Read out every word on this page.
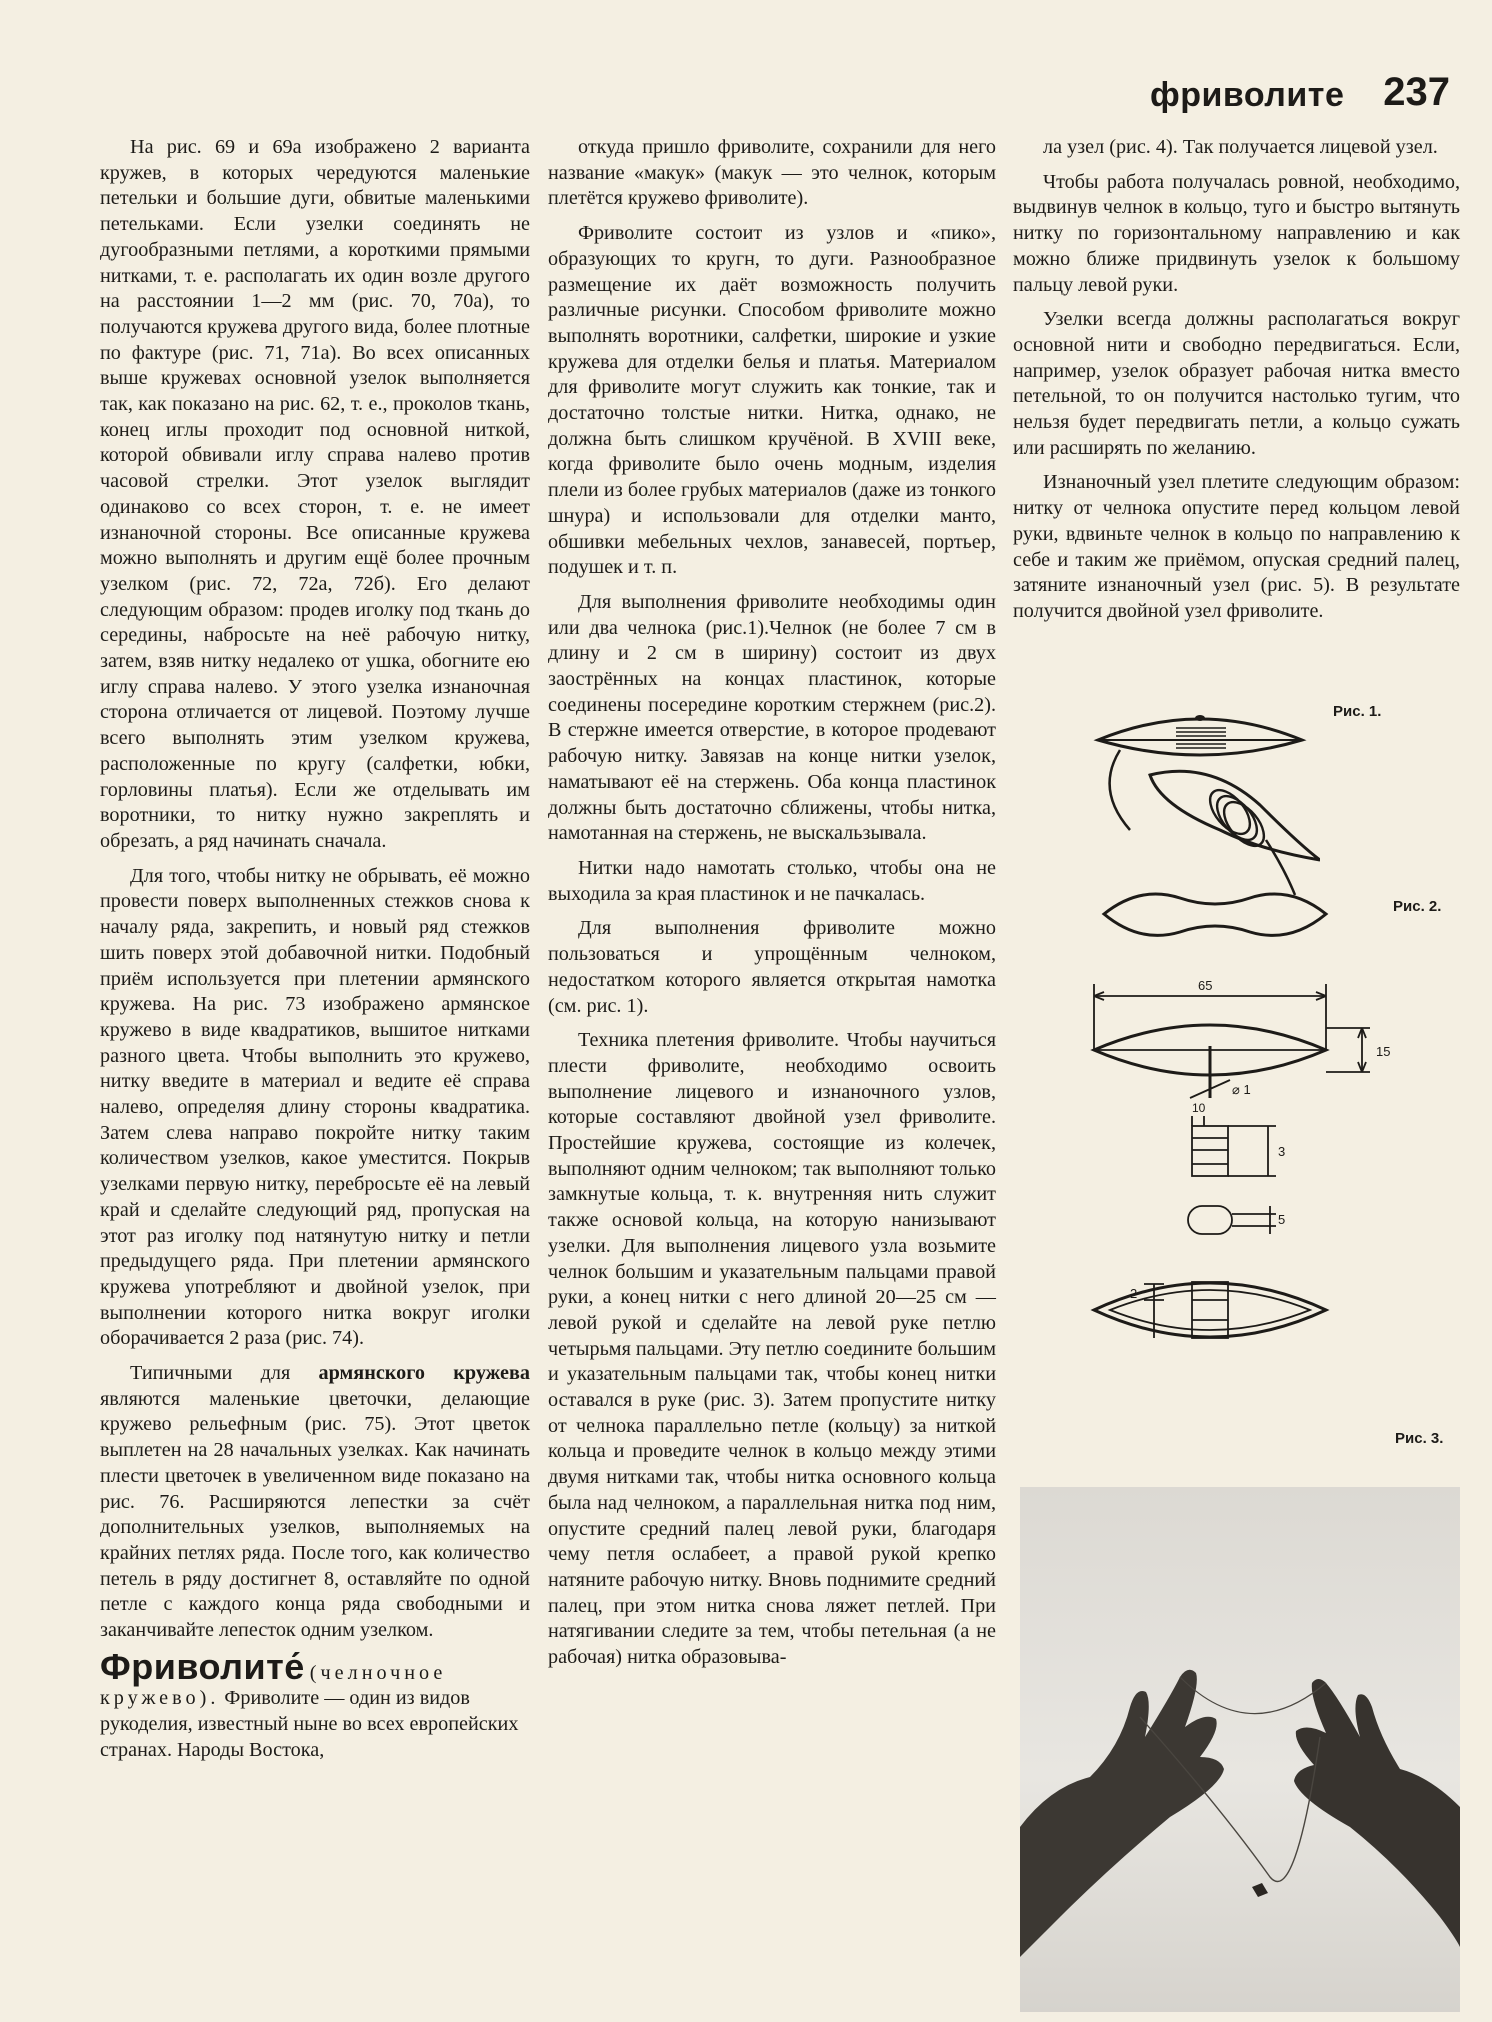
фриволите 237

На рис. 69 и 69а изображено 2 варианта кружев, в которых чередуются маленькие петельки и большие дуги, обвитые маленькими петельками. Если узелки соединять не дугообразными петлями, а короткими прямыми нитками, т. е. располагать их один возле другого на расстоянии 1—2 мм (рис. 70, 70а), то получаются кружева другого вида, более плотные по фактуре (рис. 71, 71а). Во всех описанных выше кружевах основной узелок выполняется так, как показано на рис. 62, т. е., проколов ткань, конец иглы проходит под основной ниткой, которой обвивали иглу справа налево против часовой стрелки. Этот узелок выглядит одинаково со всех сторон, т. е. не имеет изнаночной стороны. Все описанные кружева можно выполнять и другим ещё более прочным узелком (рис. 72, 72а, 72б). Его делают следующим образом: продев иголку под ткань до середины, набросьте на неё рабочую нитку, затем, взяв нитку недалеко от ушка, обогните ею иглу справа налево. У этого узелка изнаночная сторона отличается от лицевой. Поэтому лучше всего выполнять этим узелком кружева, расположенные по кругу (салфетки, юбки, горловины платья). Если же отделывать им воротники, то нитку нужно закреплять и обрезать, а ряд начинать сначала.

Для того, чтобы нитку не обрывать, её можно провести поверх выполненных стежков снова к началу ряда, закрепить, и новый ряд стежков шить поверх этой добавочной нитки. Подобный приём используется при плетении армянского кружева. На рис. 73 изображено армянское кружево в виде квадратиков, вышитое нитками разного цвета. Чтобы выполнить это кружево, нитку введите в материал и ведите её справа налево, определяя длину стороны квадратика. Затем слева направо покройте нитку таким количеством узелков, какое уместится. Покрыв узелками первую нитку, перебросьте её на левый край и сделайте следующий ряд, пропуская на этот раз иголку под натянутую нитку и петли предыдущего ряда. При плетении армянского кружева употребляют и двойной узелок, при выполнении которого нитка вокруг иголки оборачивается 2 раза (рис. 74).

Типичными для армянского кружева являются маленькие цветочки, делающие кружево рельефным (рис. 75). Этот цветок выплетен на 28 начальных узелках. Как начинать плести цветочек в увеличенном виде показано на рис. 76. Расширяются лепестки за счёт дополнительных узелков, выполняемых на крайних петлях ряда. После того, как количество петель в ряду достигнет 8, оставляйте по одной петле с каждого конца ряда свободными и заканчивайте лепесток одним узелком.

Фриволите́ (челночное кружево). Фриволите — один из видов рукоделия, известный ныне во всех европейских странах. Народы Востока,

откуда пришло фриволите, сохранили для него название «макук» (макук — это челнок, которым плетётся кружево фриволите).

Фриволите состоит из узлов и «пико», образующих то кругн, то дуги. Разнообразное размещение их даёт возможность получить различные рисунки. Способом фриволите можно выполнять воротники, салфетки, широкие и узкие кружева для отделки белья и платья. Материалом для фриволите могут служить как тонкие, так и достаточно толстые нитки. Нитка, однако, не должна быть слишком кручёной. В XVIII веке, когда фриволите было очень модным, изделия плели из более грубых материалов (даже из тонкого шнура) и использовали для отделки манто, обшивки мебельных чехлов, занавесей, портьер, подушек и т. п.

Для выполнения фриволите необходимы один или два челнока (рис.1).Челнок (не более 7 см в длину и 2 см в ширину) состоит из двух заострённых на концах пластинок, которые соединены посередине коротким стержнем (рис.2). В стержне имеется отверстие, в которое продевают рабочую нитку. Завязав на конце нитки узелок, наматывают её на стержень. Оба конца пластинок должны быть достаточно сближены, чтобы нитка, намотанная на стержень, не выскальзывала.

Нитки надо намотать столько, чтобы она не выходила за края пластинок и не пачкалась.

Для выполнения фриволите можно пользоваться и упрощённым челноком, недостатком которого является открытая намотка (см. рис. 1).

Техника плетения фриволите. Чтобы научиться плести фриволите, необходимо освоить выполнение лицевого и изнаночного узлов, которые составляют двойной узел фриволите. Простейшие кружева, состоящие из колечек, выполняют одним челноком; так выполняют только замкнутые кольца, т. к. внутренняя нить служит также основой кольца, на которую нанизывают узелки. Для выполнения лицевого узла возьмите челнок большим и указательным пальцами правой руки, а конец нитки с него длиной 20—25 см — левой рукой и сделайте на левой руке петлю четырьмя пальцами. Эту петлю соедините большим и указательным пальцами так, чтобы конец нитки оставался в руке (рис. 3). Затем пропустите нитку от челнока параллельно петле (кольцу) за ниткой кольца и проведите челнок в кольцо между этими двумя нитками так, чтобы нитка основного кольца была над челноком, а параллельная нитка под ним, опустите средний палец левой руки, благодаря чему петля ослабеет, а правой рукой крепко натяните рабочую нитку. Вновь поднимите средний палец, при этом нитка снова ляжет петлей. При натягивании следите за тем, чтобы петельная (а не рабочая) нитка образовыва-

ла узел (рис. 4). Так получается лицевой узел.

Чтобы работа получалась ровной, необходимо, выдвинув челнок в кольцо, туго и быстро вытянуть нитку по горизонтальному направлению и как можно ближе придвинуть узелок к большому пальцу левой руки.

Узелки всегда должны располагаться вокруг основной нити и свободно передвигаться. Если, например, узелок образует рабочая нитка вместо петельной, то он получится настолько тугим, что нельзя будет передвигать петли, а кольцо сужать или расширять по желанию.

Изнаночный узел плетите следующим образом: нитку от челнока опустите перед кольцом левой руки, вдвиньте челнок в кольцо по направлению к себе и таким же приёмом, опуская средний палец, затяните изнаночный узел (рис. 5). В результате получится двойной узел фриволите.

Рис. 1.
Рис. 2.
Рис. 3.
65
15
⌀ 1
10
3
5
2
